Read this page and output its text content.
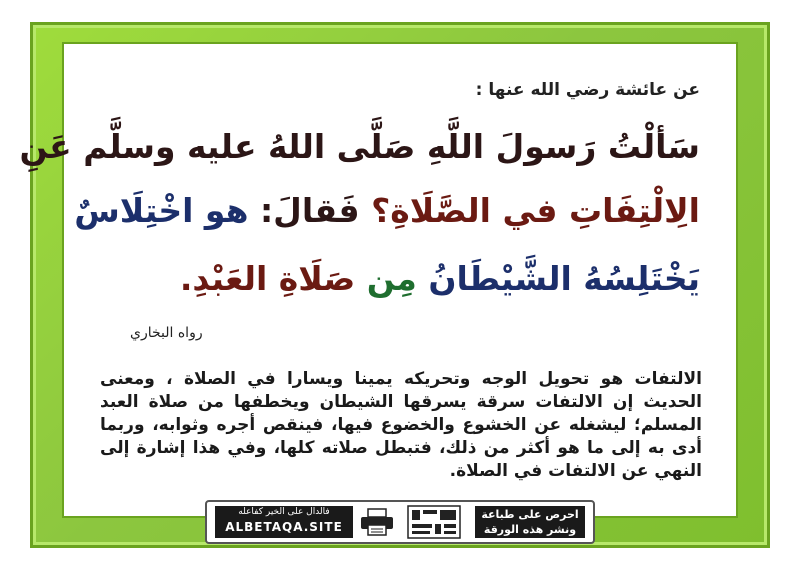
عن عائشة رضي الله عنها :
سَألْتُ رَسولَ اللَّهِ صَلَّى اللهُ عليه وسلَّم عَنِ
الِالْتِفَاتِ في الصَّلَاةِ؟ فَقالَ: هو اخْتِلَاسٌ
يَخْتَلِسُهُ الشَّيْطَانُ مِن صَلَاةِ العَبْدِ.
رواه البخاري
الالتفات هو تحويل الوجه وتحريكه يمينا ويسارا في الصلاة ، ومعنى الحديث إن الالتفات سرقة يسرقها الشيطان ويخطفها من صلاة العبد المسلم؛ ليشغله عن الخشوع والخضوع فيها، فينقص أجره وثوابه، وربما أدى به إلى ما هو أكثر من ذلك، فتبطل صلاته كلها، وفي هذا إشارة إلى النهي عن الالتفات في الصلاة.
فالدال على الخير كفاعله
ALBETAQA.SITE
احرص على طباعة
ونشر هذه الورقة
